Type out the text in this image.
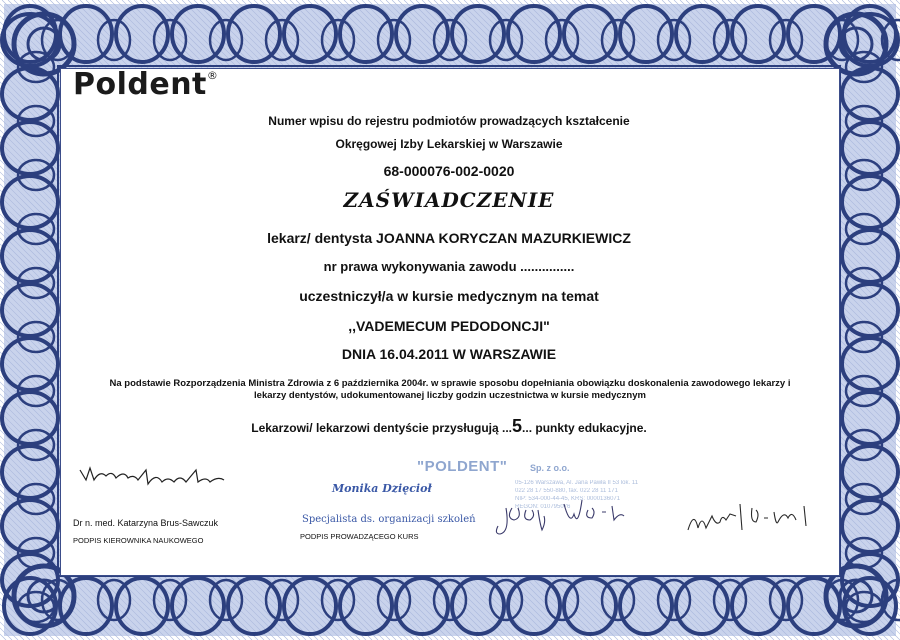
Poldent®
Numer wpisu do rejestru podmiotów prowadzących kształcenie
Okręgowej Izby Lekarskiej w Warszawie
68-000076-002-0020
ZAŚWIADCZENIE
lekarz/ dentysta JOANNA KORYCZAN MAZURKIEWICZ
nr prawa wykonywania zawodu ...............
uczestniczył/a w kursie medycznym na temat
,,VADEMECUM PEDODONCJI"
DNIA 16.04.2011 W WARSZAWIE
Na podstawie Rozporządzenia Ministra Zdrowia z 6 października 2004r. w sprawie sposobu dopełniania obowiązku doskonalenia zawodowego lekarzy i lekarzy dentystów, udokumentowanej liczby godzin uczestnictwa w kursie medycznym
Lekarzowi/ lekarzowi dentyście przysługują ...5... punkty edukacyjne.
"POLDENT"	Sp. z o.o.
05-126 Warszawa, Al. Jana Pawła II 53 lok. 11
022 28 17 550-880, fax. 022 28 11 171
NIP: 534-000-44-45, KRS: 0000136071
REGON: 010795076
Monika Dzięcioł
Specjalista ds. organizacji szkoleń
Dr n. med. Katarzyna Brus-Sawczuk
PODPIS KIEROWNIKA NAUKOWEGO	PODPIS PROWADZĄCEGO KURS
